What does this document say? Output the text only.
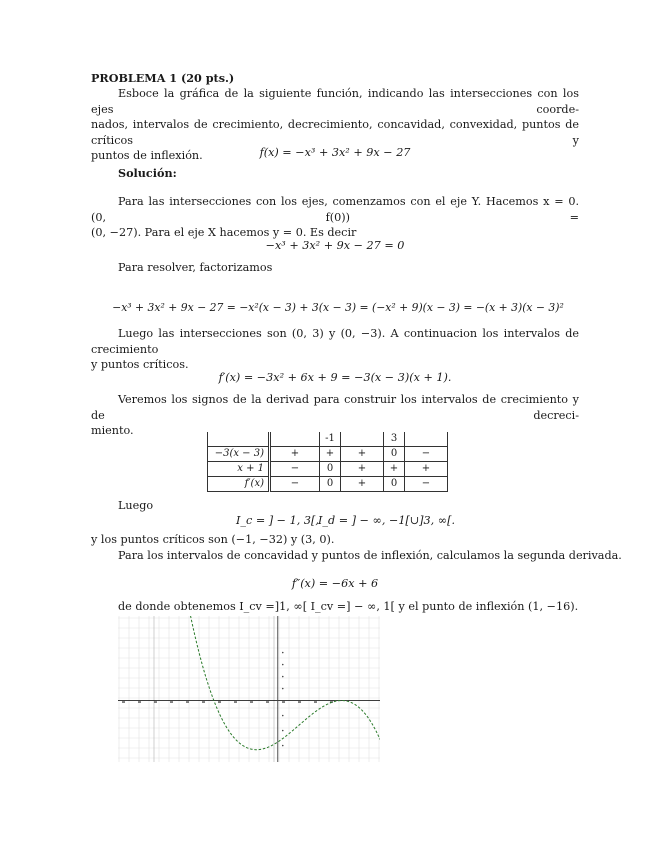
PROBLEMA 1 (20 pts.)
Esboce la gráfica de la siguiente función, indicando las intersecciones con los ejes coorde-
nados, intervalos de crecimiento, decrecimiento, concavidad, convexidad, puntos de críticos y
puntos de inflexión.	f(x) = −x³ + 3x² + 9x − 27
Solución:
Para las intersecciones con los ejes, comenzamos con el eje Y. Hacemos x = 0. (0, f(0)) =
(0, −27). Para el eje X hacemos y = 0. Es decir
−x³ + 3x² + 9x − 27 = 0
Para resolver, factorizamos
−x³ + 3x² + 9x − 27 = −x²(x − 3) + 3(x − 3) = (−x² + 9)(x − 3) = −(x + 3)(x − 3)²
Luego las intersecciones son (0, 3) y (0, −3). A continuacion los intervalos de crecimiento
y puntos críticos.
f′(x) = −3x² + 6x + 9 = −3(x − 3)(x + 1).
Veremos los signos de la derivad para construir los intervalos de crecimiento y de decreci-
miento.
		-1		3	
−3(x − 3)	+	+	+	0	−
x + 1	−	0	+	+	+
f′(x)	−	0	+	0	−
Luego
I_c = ] − 1, 3[, I_d = ] − ∞, −1[∪]3, ∞[.
y los puntos críticos son (−1, −32) y (3, 0).
Para los intervalos de concavidad y puntos de inflexión, calculamos la segunda derivada.
f″(x) = −6x + 6
de donde obtenemos I_cv =]1, ∞[ I_cv =] − ∞, 1[ y el punto de inflexión (1, −16).
